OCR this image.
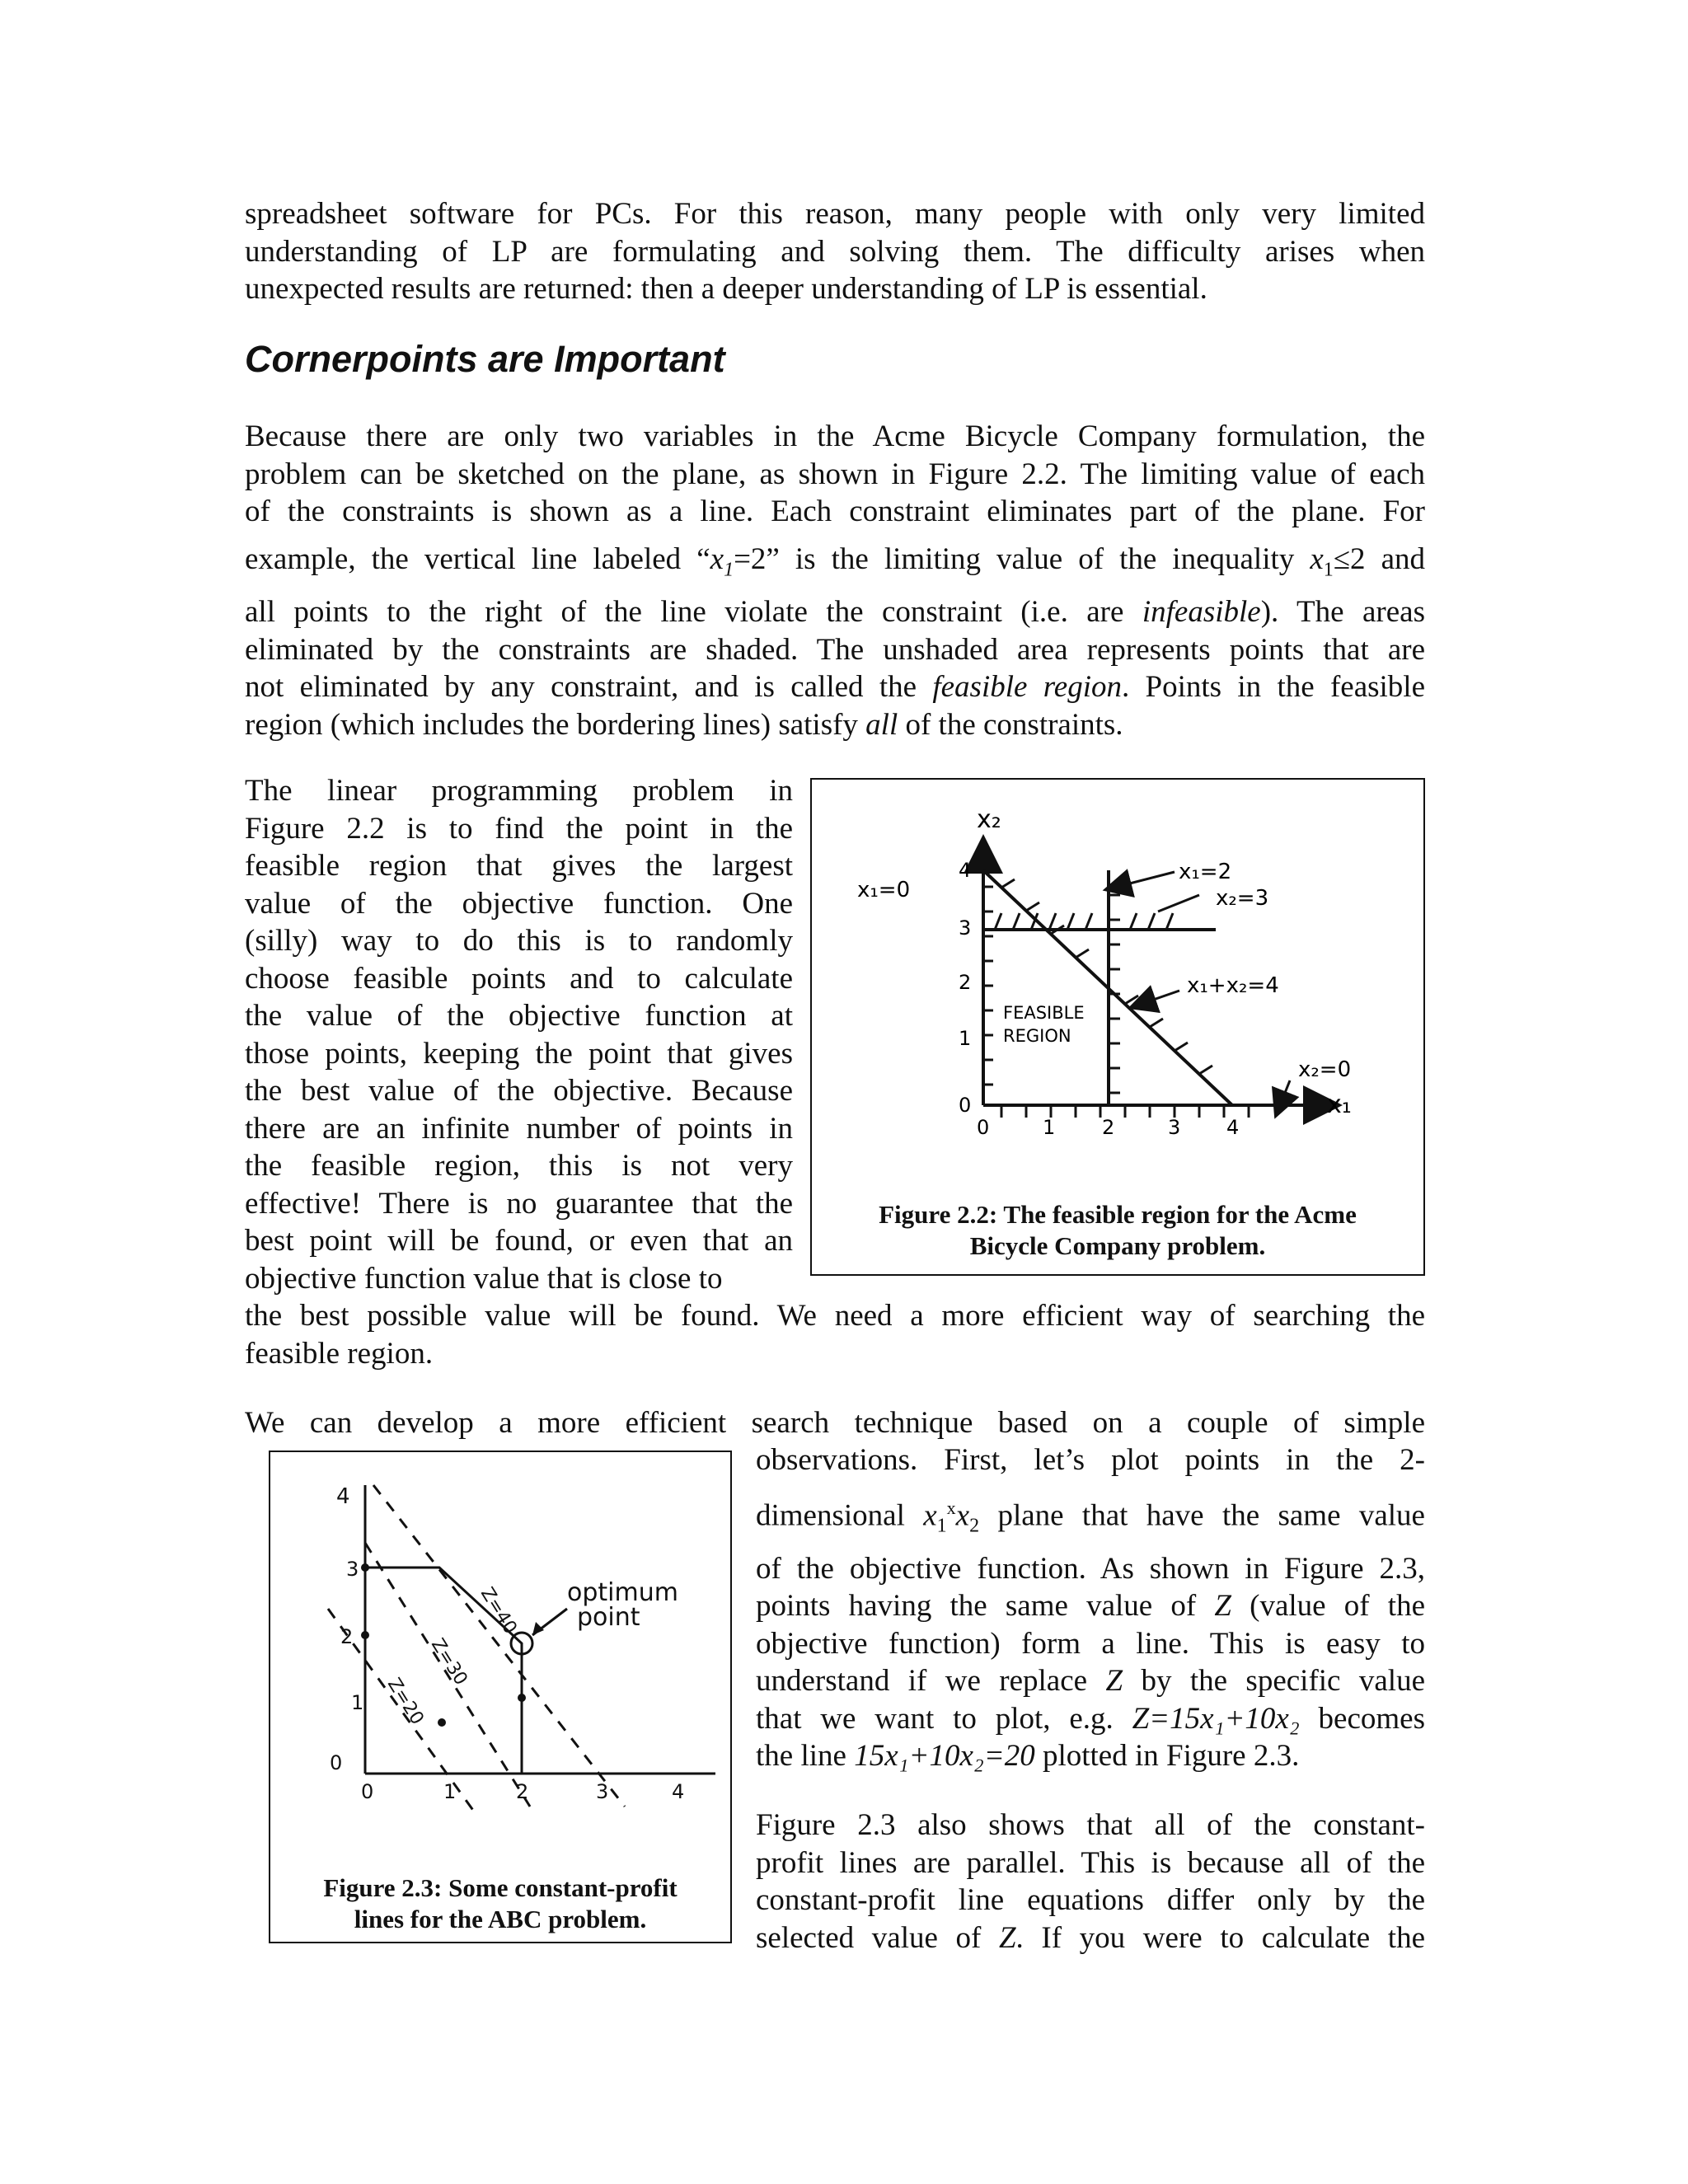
spreadsheet software for PCs. For this reason, many people with only very limited
understanding of LP are formulating and solving them. The difficulty arises when
unexpected results are returned: then a deeper understanding of LP is essential.
Cornerpoints are Important
Because there are only two variables in the Acme Bicycle Company formulation, the
problem can be sketched on the plane, as shown in Figure 2.2. The limiting value of each
of the constraints is shown as a line. Each constraint eliminates part of the plane. For
example, the vertical line labeled “$x_1=2$” is the limiting value of the inequality $x_1\le 2$ and
all points to the right of the line violate the constraint (i.e. are infeasible). The areas
eliminated by the constraints are shaded. The unshaded area represents points that are
not eliminated by any constraint, and is called the feasible region. Points in the feasible
region (which includes the bordering lines) satisfy all of the constraints.
The linear programming problem in
Figure 2.2 is to find the point in the
feasible region that gives the largest
value of the objective function. One
(silly) way to do this is to randomly
choose feasible points and to calculate
the value of the objective function at
those points, keeping the point that gives
the best value of the objective. Because
there are an infinite number of points in
the feasible region, this is not very
effective! There is no guarantee that the
best point will be found, or even that an
objective function value that is close to
the best possible value will be found. We need a more efficient way of searching the
feasible region.
x₂
x₁
x₁=0
x₁=2
x₂=3
x₂=0
x₁+x₂=4
FEASIBLE
REGION
0
1
2
3
4
0	1 2	3 4
Figure 2.2: The feasible region for the Acme
Bicycle Company problem.
We can develop a more efficient search technique based on a couple of simple
observations. First, let’s plot points in the 2-
dimensional $x_1^xx_2$ plane that have the same value
of the objective function. As shown in Figure 2.3,
points having the same value of Z (value of the
objective function) form a line. This is easy to
understand if we replace Z by the specific value
that we want to plot, e.g. Z=15x₁+10x₂ becomes
the line 15x₁+10x₂=20 plotted in Figure 2.3.
Figure 2.3 also shows that all of the constant-
profit lines are parallel. This is because all of the
constant-profit line equations differ only by the
selected value of Z. If you were to calculate the
optimum
point
Z=20
Z=30
Z=40
0
1
2
3
4
0	1	2	3	4
Figure 2.3: Some constant-profit
lines for the ABC problem.
